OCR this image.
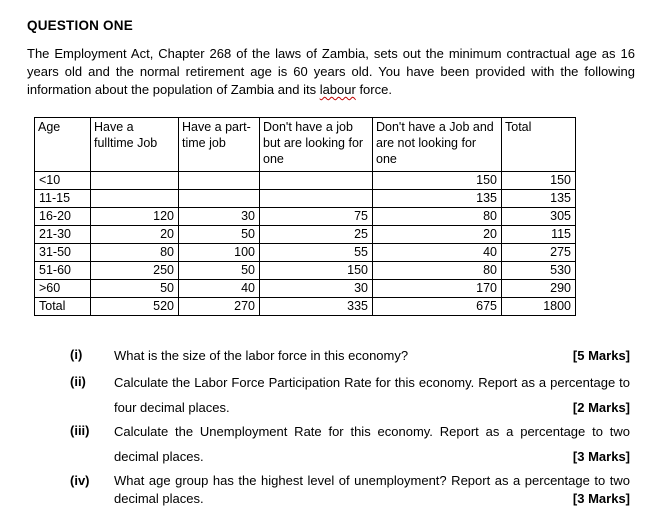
QUESTION ONE
The Employment Act, Chapter 268 of the laws of Zambia, sets out the minimum contractual age as 16 years old and the normal retirement age is 60 years old. You have been provided with the following information about the population of Zambia and its labour force.
Age	Have a fulltime Job	Have a part-time job	Don't have a job but are looking for one	Don't have a Job and are not looking for one	Total
<10				150	150
11-15				135	135
16-20	120	30	75	80	305
21-30	20	50	25	20	115
31-50	80	100	55	40	275
51-60	250	50	150	80	530
>60	50	40	30	170	290
Total	520	270	335	675	1800
(i) What is the size of the labor force in this economy?	[5 Marks]
(ii) Calculate the Labor Force Participation Rate for this economy. Report as a percentage to four decimal places.	[2 Marks]
(iii) Calculate the Unemployment Rate for this economy. Report as a percentage to two decimal places.	[3 Marks]
(iv) What age group has the highest level of unemployment? Report as a percentage to two decimal places.	[3 Marks]
